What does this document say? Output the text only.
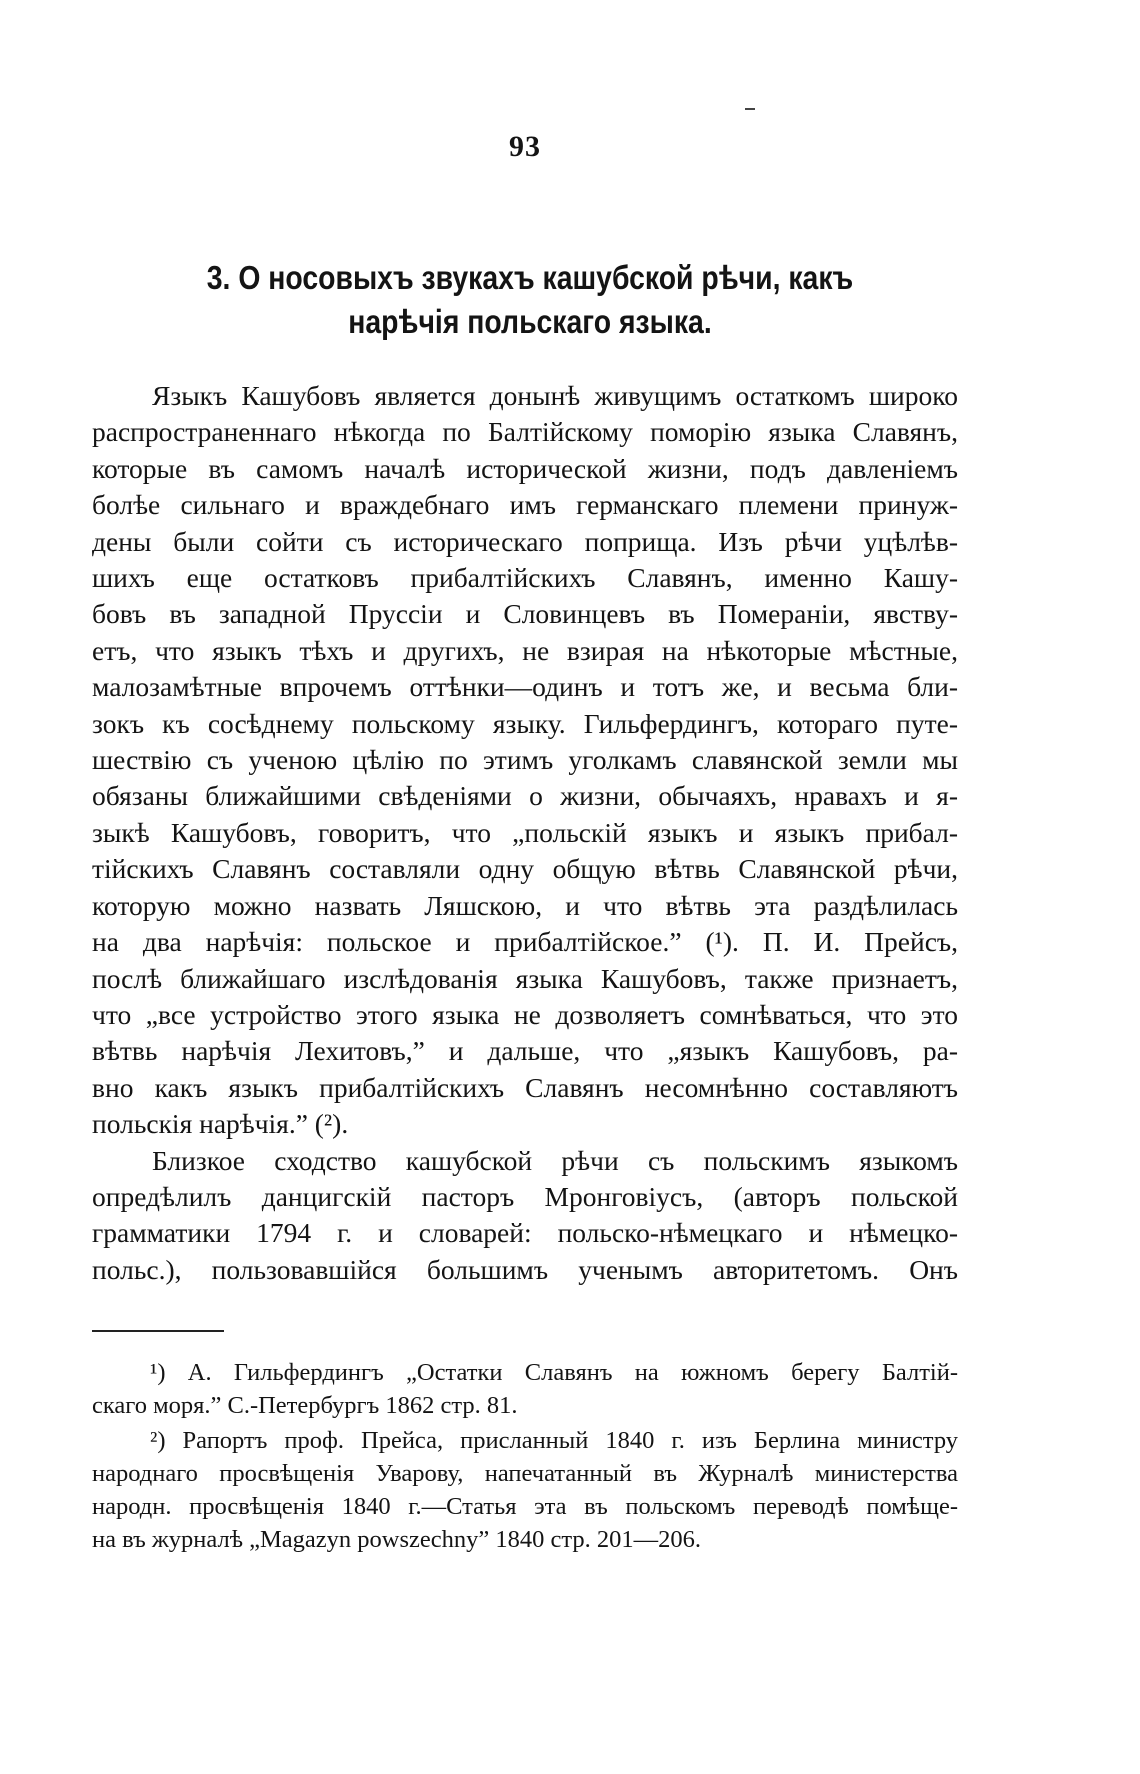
93
3. О носовыхъ звукахъ кашубской рѣчи, какъ
нарѣчія польскаго языка.

Языкъ Кашубовъ является донынѣ живущимъ остаткомъ широко
распространеннаго нѣкогда по Балтійскому поморію языка Славянъ,
которые въ самомъ началѣ исторической жизни, подъ давленіемъ
болѣе сильнаго и враждебнаго имъ германскаго племени принуж-
дены были сойти съ историческаго поприща. Изъ рѣчи уцѣлѣв-
шихъ еще остатковъ прибалтійскихъ Славянъ, именно Кашу-
бовъ въ западной Пруссіи и Словинцевъ въ Помераніи, явству-
етъ, что языкъ тѣхъ и другихъ, не взирая на нѣкоторые мѣстные,
малозамѣтные впрочемъ оттѣнки—одинъ и тотъ же, и весьма бли-
зокъ къ сосѣднему польскому языку. Гильфердингъ, котораго путе-
шествію съ ученою цѣлію по этимъ уголкамъ славянской земли мы
обязаны ближайшими свѣденіями о жизни, обычаяхъ, нравахъ и я-
зыкѣ Кашубовъ, говоритъ, что „польскій языкъ и языкъ прибал-
тійскихъ Славянъ составляли одну общую вѣтвь Славянской рѣчи,
которую можно назвать Ляшскою, и что вѣтвь эта раздѣлилась
на два нарѣчія: польское и прибалтійское.” (¹). П. И. Прейсъ,
послѣ ближайшаго изслѣдованія языка Кашубовъ, также признаетъ,
что „все устройство этого языка не дозволяетъ сомнѣваться, что это
вѣтвь нарѣчія Лехитовъ,” и дальше, что „языкъ Кашубовъ, ра-
вно какъ языкъ прибалтійскихъ Славянъ несомнѣнно составляютъ
польскія нарѣчія.” (²).

Близкое сходство кашубской рѣчи съ польскимъ языкомъ
опредѣлилъ данцигскій пасторъ Мронговіусъ, (авторъ польской
грамматики 1794 г. и словарей: польско-нѣмецкаго и нѣмецко-
польс.), пользовавшійся большимъ ученымъ авторитетомъ. Онъ

¹) А. Гильфердингъ „Остатки Славянъ на южномъ берегу Балтій-
скаго моря.” С.-Петербургъ 1862 стр. 81.

²) Рапортъ проф. Прейса, присланный 1840 г. изъ Берлина министру
народнаго просвѣщенія Уварову, напечатанный въ Журналѣ министерства
народн. просвѣщенія 1840 г.—Статья эта въ польскомъ переводѣ помѣще-
на въ журналѣ „Magazyn powszechny” 1840 стр. 201—206.
